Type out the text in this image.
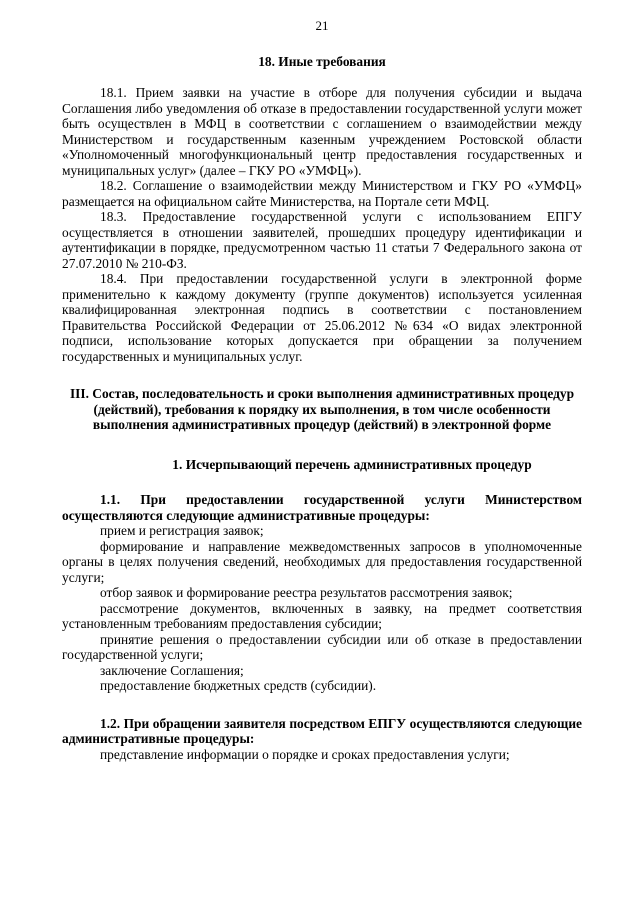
21
18. Иные требования

18.1. Прием заявки на участие в отборе для получения субсидии и выдача Соглашения либо уведомления об отказе в предоставлении государственной услуги может быть осуществлен в МФЦ в соответствии с соглашением о взаимодействии между Министерством и государственным казенным учреждением Ростовской области «Уполномоченный многофункциональный центр предоставления государственных и муниципальных услуг» (далее – ГКУ РО «УМФЦ»).

18.2. Соглашение о взаимодействии между Министерством и ГКУ РО «УМФЦ» размещается на официальном сайте Министерства, на Портале сети МФЦ.

18.3. Предоставление государственной услуги с использованием ЕПГУ осуществляется в отношении заявителей, прошедших процедуру идентификации и аутентификации в порядке, предусмотренном частью 11 статьи 7 Федерального закона от 27.07.2010 № 210-ФЗ.

18.4. При предоставлении государственной услуги в электронной форме применительно к каждому документу (группе документов) используется усиленная квалифицированная электронная подпись в соответствии с постановлением Правительства Российской Федерации от 25.06.2012 №634 «О видах электронной подписи, использование которых допускается при обращении за получением государственных и муниципальных услуг.

III. Состав, последовательность и сроки выполнения административных процедур (действий), требования к порядку их выполнения, в том числе особенности выполнения административных процедур (действий) в электронной форме
1. Исчерпывающий перечень административных процедур

1.1. При предоставлении государственной услуги Министерством осуществляются следующие административные процедуры:

прием и регистрация заявок;

формирование и направление межведомственных запросов в уполномоченные органы в целях получения сведений, необходимых для предоставления государственной услуги;

отбор заявок и формирование реестра результатов рассмотрения заявок;

рассмотрение документов, включенных в заявку, на предмет соответствия установленным требованиям предоставления субсидии;

принятие решения о предоставлении субсидии или об отказе в предоставлении государственной услуги;

заключение Соглашения;

предоставление бюджетных средств (субсидии).

1.2. При обращении заявителя посредством ЕПГУ осуществляются следующие административные процедуры:

представление информации о порядке и сроках предоставления услуги;
